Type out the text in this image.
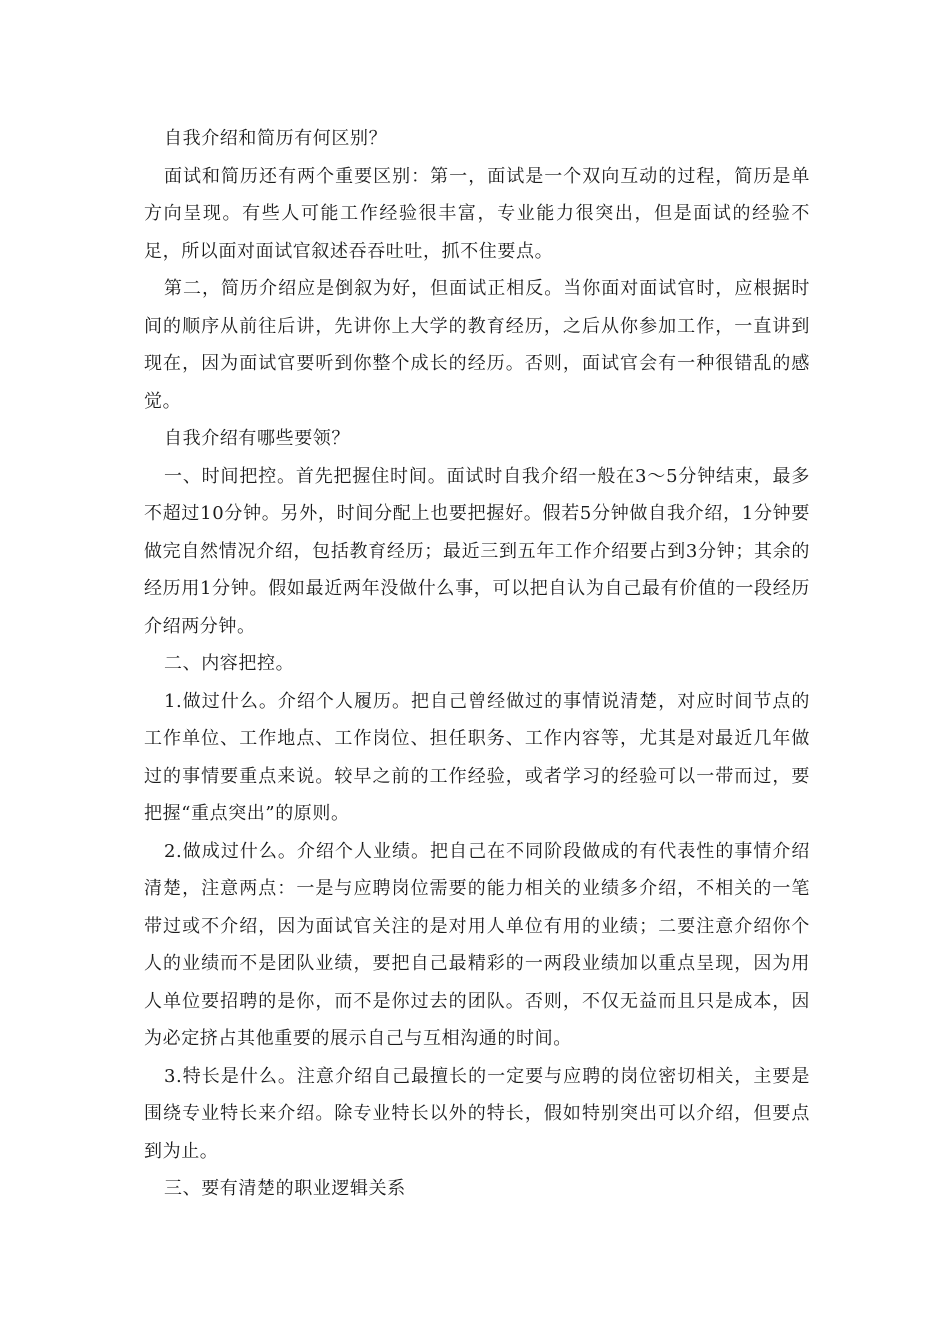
自我介绍和简历有何区别？

面试和简历还有两个重要区别：第一，面试是一个双向互动的过程，简历是单方向呈现。有些人可能工作经验很丰富，专业能力很突出，但是面试的经验不足，所以面对面试官叙述吞吞吐吐，抓不住要点。

第二，简历介绍应是倒叙为好，但面试正相反。当你面对面试官时，应根据时间的顺序从前往后讲，先讲你上大学的教育经历，之后从你参加工作，一直讲到现在，因为面试官要听到你整个成长的经历。否则，面试官会有一种很错乱的感觉。

自我介绍有哪些要领？

一、时间把控。首先把握住时间。面试时自我介绍一般在3～5分钟结束，最多不超过10分钟。另外，时间分配上也要把握好。假若5分钟做自我介绍，1分钟要做完自然情况介绍，包括教育经历；最近三到五年工作介绍要占到3分钟；其余的经历用1分钟。假如最近两年没做什么事，可以把自认为自己最有价值的一段经历介绍两分钟。

二、内容把控。

1.做过什么。介绍个人履历。把自己曾经做过的事情说清楚，对应时间节点的工作单位、工作地点、工作岗位、担任职务、工作内容等，尤其是对最近几年做过的事情要重点来说。较早之前的工作经验，或者学习的经验可以一带而过，要把握“重点突出”的原则。

2.做成过什么。介绍个人业绩。把自己在不同阶段做成的有代表性的事情介绍清楚，注意两点：一是与应聘岗位需要的能力相关的业绩多介绍，不相关的一笔带过或不介绍，因为面试官关注的是对用人单位有用的业绩；二要注意介绍你个人的业绩而不是团队业绩，要把自己最精彩的一两段业绩加以重点呈现，因为用人单位要招聘的是你，而不是你过去的团队。否则，不仅无益而且只是成本，因为必定挤占其他重要的展示自己与互相沟通的时间。

3.特长是什么。注意介绍自己最擅长的一定要与应聘的岗位密切相关，主要是围绕专业特长来介绍。除专业特长以外的特长，假如特别突出可以介绍，但要点到为止。

三、要有清楚的职业逻辑关系
